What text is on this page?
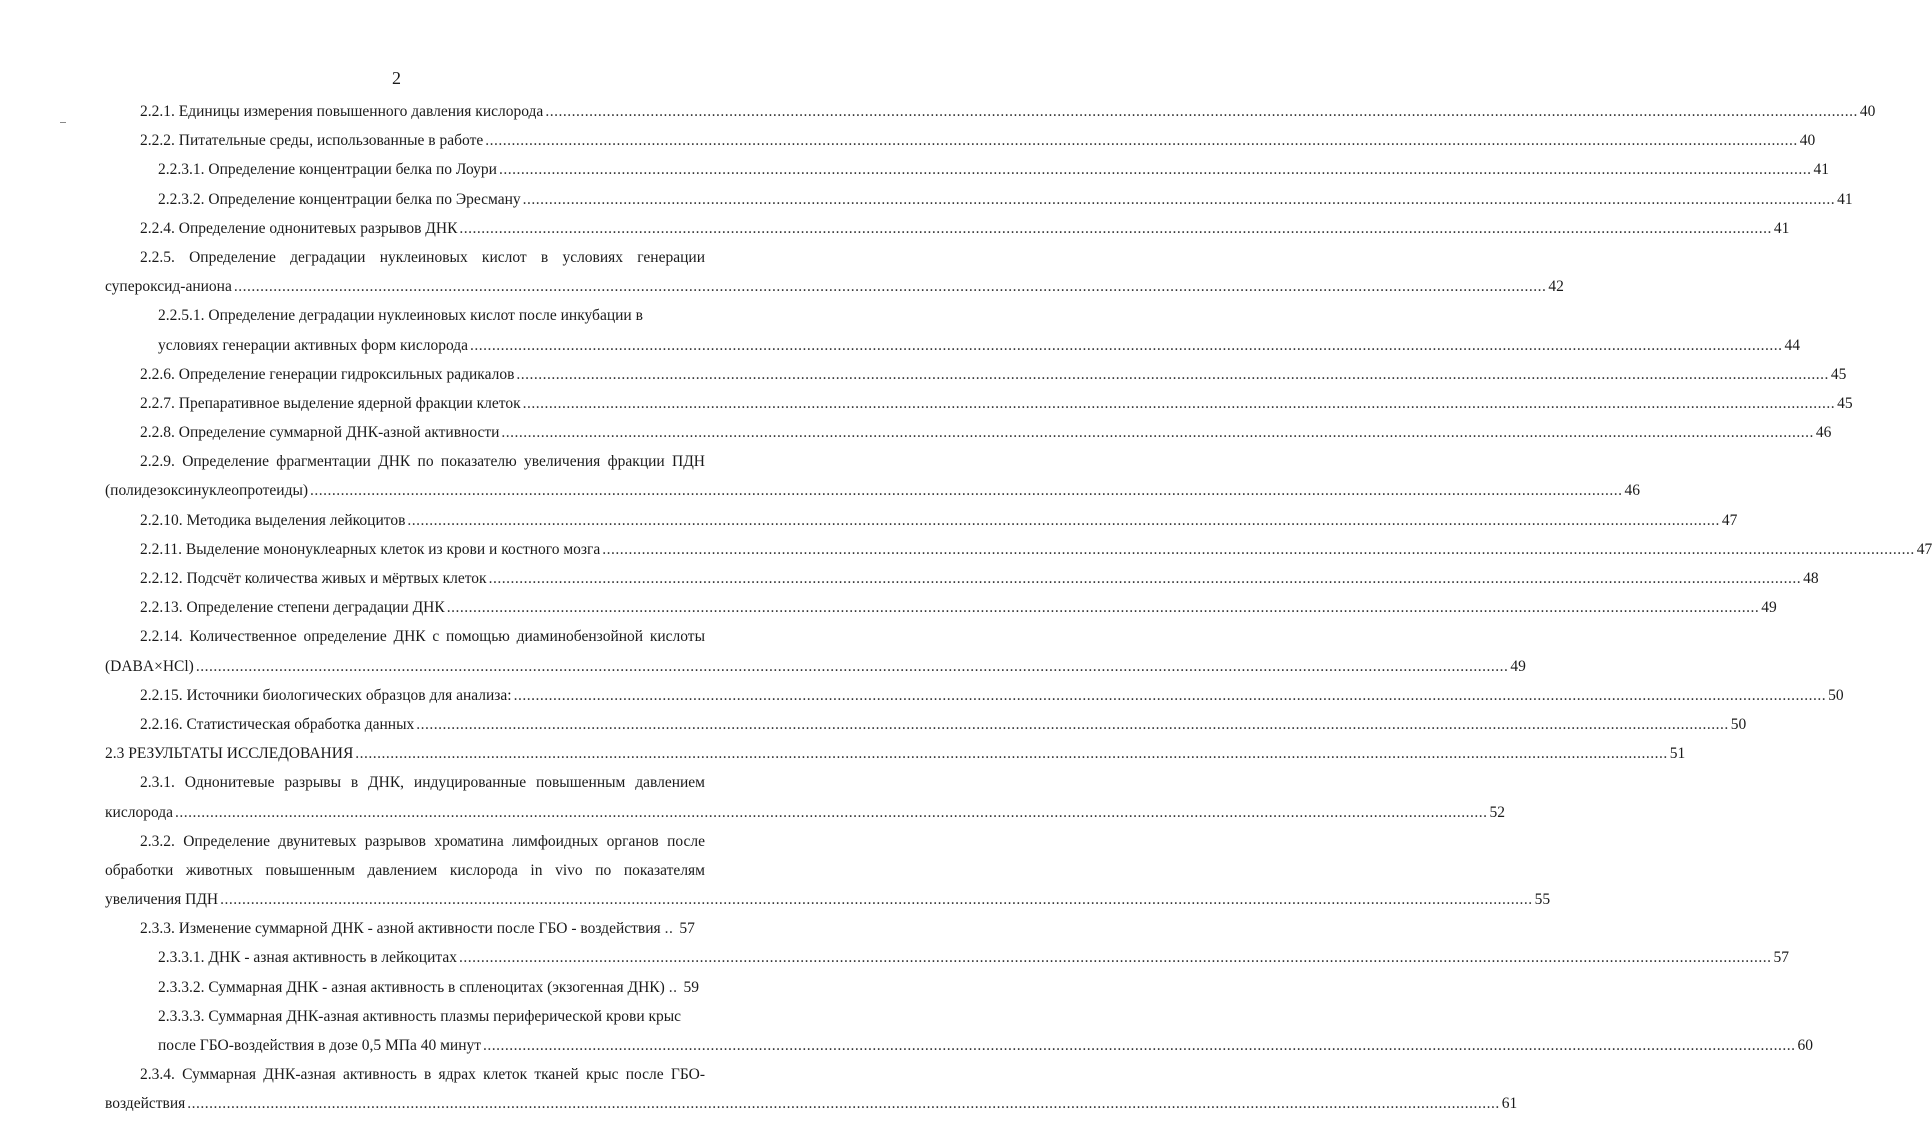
2
2.2.1. Единицы измерения повышенного давления кислорода ............................................................................................................................................................................................................................................................................................................ 40
2.2.2. Питательные среды, использованные в работе ............................................................................................................................................................................................................................................................................................................ 40
2.2.3.1. Определение концентрации белка по Лоури ............................................................................................................................................................................................................................................................................................................ 41
2.2.3.2. Определение концентрации белка по Эресману ............................................................................................................................................................................................................................................................................................................ 41
2.2.4. Определение однонитевых разрывов ДНК ............................................................................................................................................................................................................................................................................................................ 41
2.2.5. Определение деградации нуклеиновых кислот в условиях генерации
супероксид-аниона ............................................................................................................................................................................................................................................................................................................ 42
2.2.5.1. Определение деградации нуклеиновых кислот после инкубации в
условиях генерации активных форм кислорода ............................................................................................................................................................................................................................................................................................................ 44
2.2.6. Определение генерации гидроксильных радикалов ............................................................................................................................................................................................................................................................................................................ 45
2.2.7. Препаративное выделение ядерной фракции клеток ............................................................................................................................................................................................................................................................................................................ 45
2.2.8. Определение суммарной ДНК-азной активности ............................................................................................................................................................................................................................................................................................................ 46
2.2.9. Определение фрагментации ДНК по показателю увеличения фракции ПДН
(полидезоксинуклеопротеиды) ............................................................................................................................................................................................................................................................................................................ 46
2.2.10. Методика выделения лейкоцитов ............................................................................................................................................................................................................................................................................................................ 47
2.2.11. Выделение мононуклеарных клеток из крови и костного мозга ............................................................................................................................................................................................................................................................................................................ 47
2.2.12. Подсчёт количества живых и мёртвых клеток ............................................................................................................................................................................................................................................................................................................ 48
2.2.13. Определение степени деградации ДНК ............................................................................................................................................................................................................................................................................................................ 49
2.2.14. Количественное определение ДНК с помощью диаминобензойной кислоты
(DABA×HCl) ............................................................................................................................................................................................................................................................................................................ 49
2.2.15. Источники биологических образцов для анализа: ............................................................................................................................................................................................................................................................................................................ 50
2.2.16. Статистическая обработка данных ............................................................................................................................................................................................................................................................................................................ 50
2.3 РЕЗУЛЬТАТЫ ИССЛЕДОВАНИЯ ............................................................................................................................................................................................................................................................................................................ 51
2.3.1. Однонитевые разрывы в ДНК, индуцированные повышенным давлением
кислорода ............................................................................................................................................................................................................................................................................................................ 52
2.3.2. Определение двунитевых разрывов хроматина лимфоидных органов после
обработки животных повышенным давлением кислорода in vivo по показателям
увеличения ПДН ............................................................................................................................................................................................................................................................................................................ 55
2.3.3. Изменение суммарной ДНК - азной активности после ГБО - воздействия .. 57
2.3.3.1. ДНК - азная активность в лейкоцитах ............................................................................................................................................................................................................................................................................................................ 57
2.3.3.2. Суммарная ДНК - азная активность в спленоцитах (экзогенная ДНК) .. 59
2.3.3.3. Суммарная ДНК-азная активность плазмы периферической крови крыс
после ГБО-воздействия в дозе 0,5 МПа 40 минут ............................................................................................................................................................................................................................................................................................................ 60
2.3.4. Суммарная ДНК-азная активность в ядрах клеток тканей крыс после ГБО-
воздействия ............................................................................................................................................................................................................................................................................................................ 61
